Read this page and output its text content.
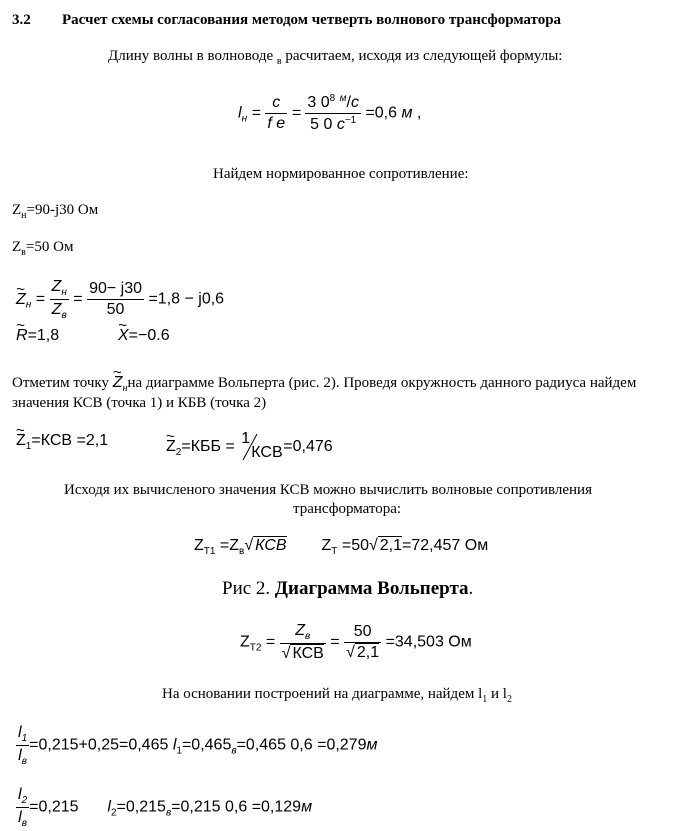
3.2 Расчет схемы согласования методом четверть волнового трансформатора
Длину волны в волноводе $_в$ расчитаем, исходя из следующей формулы:
$l_н = \frac{c}{\text{f e}} = \frac{3 0^8 ^м/c}{5 0 c^{-1}} =0,6$ м ,
Найдем нормированное сопротивление:
$Z_н=90-j30$ Ом
$Z_в=50$ Ом
~ $Z_н = \frac{Z_н}{Z_в} = \frac{90- j30}{50} =1,8 - j0,6$
~ R=1,8	~ X=−0.6
Отметим точку ~ $Z_нна$ диаграмме Вольперта (рис. 2). Проведя окружность данного радиуса найдем
значения КСВ (точка 1) и КБВ (точка 2)
~ $Z_1=КСВ =2,1$	~ $Z_2=КББ = 1$
КСВ =0,476
Исходя их вычисленого значения КСВ можно вычислить волновые сопротивления
трансформатора:
$Z_{Т1} =Z_в√$ КСВ $Z_Т =50√$ 2,1=72,457 Ом
Рис 2. Диаграмма Вольперта.
$Z_{Т2} = \frac{Z_в}{\text{√ КСВ}} = \frac{50}{√ 2,1} =34,503$ Ом
На основании построений на диаграмме, найдем $l_1$ и $l_2$
$\frac{l_1}{l_в} =0,215+0,25=0,465$ $l_1=0,465_в=0,465$ 0,6 =0,279м
$\frac{l_2}{l_в} =0,215$ $l_2=0,215_в=0,215$ 0,6 =0,129м
